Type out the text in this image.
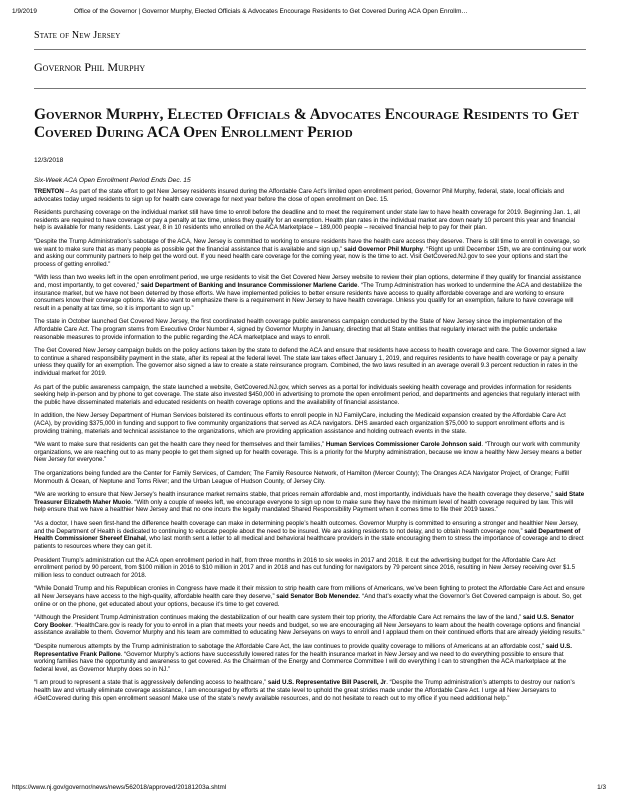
1/9/2019	Office of the Governor | Governor Murphy, Elected Officials & Advocates Encourage Residents to Get Covered During ACA Open Enrollm…
State of New Jersey
Governor Phil Murphy
Governor Murphy, Elected Officials & Advocates Encourage Residents to Get Covered During ACA Open Enrollment Period
12/3/2018
Six-Week ACA Open Enrollment Period Ends Dec. 15

TRENTON – As part of the state effort to get New Jersey residents insured during the Affordable Care Act’s limited open enrollment period, Governor Phil Murphy, federal, state, local officials and advocates today urged residents to sign up for health care coverage for next year before the close of open enrollment on Dec. 15.

Residents purchasing coverage on the individual market still have time to enroll before the deadline and to meet the requirement under state law to have health coverage for 2019. Beginning Jan. 1, all residents are required to have coverage or pay a penalty at tax time, unless they qualify for an exemption. Health plan rates in the individual market are down nearly 10 percent this year and financial help is available for many residents. Last year, 8 in 10 residents who enrolled on the ACA Marketplace – 189,000 people – received financial help to pay for their plan.

“Despite the Trump Administration’s sabotage of the ACA, New Jersey is committed to working to ensure residents have the health care access they deserve. There is still time to enroll in coverage, so we want to make sure that as many people as possible get the financial assistance that is available and sign up,” said Governor Phil Murphy. “Right up until December 15th, we are continuing our work and asking our community partners to help get the word out. If you need health care coverage for the coming year, now is the time to act. Visit GetCovered.NJ.gov to see your options and start the process of getting enrolled.”

“With less than two weeks left in the open enrollment period, we urge residents to visit the Get Covered New Jersey website to review their plan options, determine if they qualify for financial assistance and, most importantly, to get covered,” said Department of Banking and Insurance Commissioner Marlene Caride. “The Trump Administration has worked to undermine the ACA and destabilize the insurance market, but we have not been deterred by those efforts. We have implemented policies to better ensure residents have access to quality affordable coverage and are working to ensure consumers know their coverage options. We also want to emphasize there is a requirement in New Jersey to have health coverage. Unless you qualify for an exemption, failure to have coverage will result in a penalty at tax time, so it is important to sign up.”

The state in October launched Get Covered New Jersey, the first coordinated health coverage public awareness campaign conducted by the State of New Jersey since the implementation of the Affordable Care Act. The program stems from Executive Order Number 4, signed by Governor Murphy in January, directing that all State entities that regularly interact with the public undertake reasonable measures to provide information to the public regarding the ACA marketplace and ways to enroll.

The Get Covered New Jersey campaign builds on the policy actions taken by the state to defend the ACA and ensure that residents have access to health coverage and care. The Governor signed a law to continue a shared responsibility payment in the state, after its repeal at the federal level. The state law takes effect January 1, 2019, and requires residents to have health coverage or pay a penalty unless they qualify for an exemption. The governor also signed a law to create a state reinsurance program. Combined, the two laws resulted in an average overall 9.3 percent reduction in rates in the individual market for 2019.

As part of the public awareness campaign, the state launched a website, GetCovered.NJ.gov, which serves as a portal for individuals seeking health coverage and provides information for residents seeking help in-person and by phone to get coverage. The state also invested $450,000 in advertising to promote the open enrollment period, and departments and agencies that regularly interact with the public have disseminated materials and educated residents on health coverage options and the availability of financial assistance.

In addition, the New Jersey Department of Human Services bolstered its continuous efforts to enroll people in NJ FamilyCare, including the Medicaid expansion created by the Affordable Care Act (ACA), by providing $375,000 in funding and support to five community organizations that served as ACA navigators. DHS awarded each organization $75,000 to support enrollment efforts and is providing training, materials and technical assistance to the organizations, which are providing application assistance and holding outreach events in the state.

“We want to make sure that residents can get the health care they need for themselves and their families,” Human Services Commissioner Carole Johnson said. “Through our work with community organizations, we are reaching out to as many people to get them signed up for health coverage. This is a priority for the Murphy administration, because we know a healthy New Jersey means a better New Jersey for everyone.”

The organizations being funded are the Center for Family Services, of Camden; The Family Resource Network, of Hamilton (Mercer County); The Oranges ACA Navigator Project, of Orange; Fulfill Monmouth & Ocean, of Neptune and Toms River; and the Urban League of Hudson County, of Jersey City.

“We are working to ensure that New Jersey’s health insurance market remains stable, that prices remain affordable and, most importantly, individuals have the health coverage they deserve,” said State Treasurer Elizabeth Maher Muoio. “With only a couple of weeks left, we encourage everyone to sign up now to make sure they have the minimum level of health coverage required by law. This will help ensure that we have a healthier New Jersey and that no one incurs the legally mandated Shared Responsibility Payment when it comes time to file their 2019 taxes.”

“As a doctor, I have seen first-hand the difference health coverage can make in determining people’s health outcomes. Governor Murphy is committed to ensuring a stronger and healthier New Jersey, and the Department of Health is dedicated to continuing to educate people about the need to be insured. We are asking residents to not delay, and to obtain health coverage now,” said Department of Health Commissioner Shereef Elnahal, who last month sent a letter to all medical and behavioral healthcare providers in the state encouraging them to stress the importance of coverage and to direct patients to resources where they can get it.

President Trump’s administration cut the ACA open enrollment period in half, from three months in 2016 to six weeks in 2017 and 2018. It cut the advertising budget for the Affordable Care Act enrollment period by 90 percent, from $100 million in 2016 to $10 million in 2017 and in 2018 and has cut funding for navigators by 79 percent since 2016, resulting in New Jersey receiving over $1.5 million less to conduct outreach for 2018.

“While Donald Trump and his Republican cronies in Congress have made it their mission to strip health care from millions of Americans, we’ve been fighting to protect the Affordable Care Act and ensure all New Jerseyans have access to the high-quality, affordable health care they deserve,” said Senator Bob Menendez. “And that’s exactly what the Governor’s Get Covered campaign is about. So, get online or on the phone, get educated about your options, because it’s time to get covered.

“Although the President Trump Administration continues making the destabilization of our health care system their top priority, the Affordable Care Act remains the law of the land,” said U.S. Senator Cory Booker. “HealthCare.gov is ready for you to enroll in a plan that meets your needs and budget, so we are encouraging all New Jerseyans to learn about the health coverage options and financial assistance available to them. Governor Murphy and his team are committed to educating New Jerseyans on ways to enroll and I applaud them on their continued efforts that are already yielding results.”

“Despite numerous attempts by the Trump administration to sabotage the Affordable Care Act, the law continues to provide quality coverage to millions of Americans at an affordable cost,” said U.S. Representative Frank Pallone. “Governor Murphy’s actions have successfully lowered rates for the health insurance market in New Jersey and we need to do everything possible to ensure that working families have the opportunity and awareness to get covered. As the Chairman of the Energy and Commerce Committee I will do everything I can to strengthen the ACA marketplace at the federal level, as Governor Murphy does so in NJ.”

“I am proud to represent a state that is aggressively defending access to healthcare,” said U.S. Representative Bill Pascrell, Jr. “Despite the Trump administration’s attempts to destroy our nation’s health law and virtually eliminate coverage assistance, I am encouraged by efforts at the state level to uphold the great strides made under the Affordable Care Act. I urge all New Jerseyans to #GetCovered during this open enrollment season! Make use of the state’s newly available resources, and do not hesitate to reach out to my office if you need additional help.”

https://www.nj.gov/governor/news/news/562018/approved/20181203a.shtml	1/3
